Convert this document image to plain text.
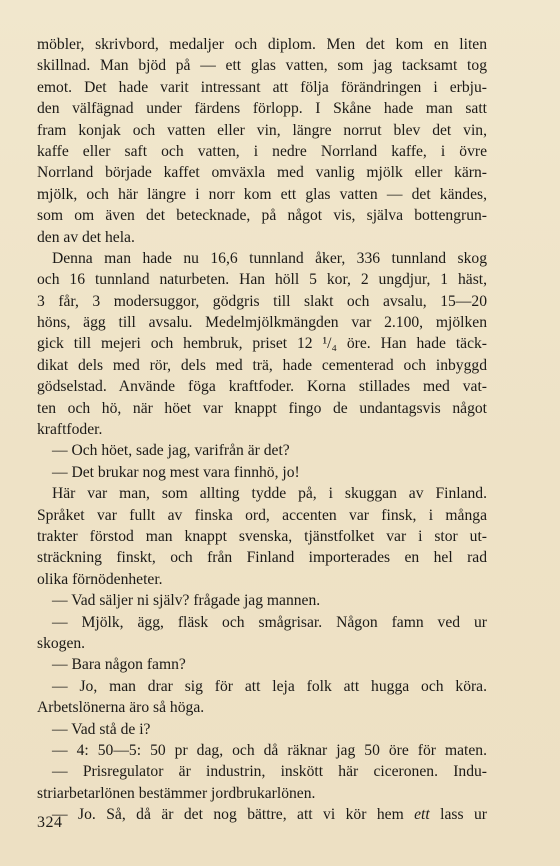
möbler, skrivbord, medaljer och diplom. Men det kom en liten
skillnad. Man bjöd på — ett glas vatten, som jag tacksamt tog
emot. Det hade varit intressant att följa förändringen i erbju-
den välfägnad under färdens förlopp. I Skåne hade man satt
fram konjak och vatten eller vin, längre norrut blev det vin,
kaffe eller saft och vatten, i nedre Norrland kaffe, i övre
Norrland började kaffet omväxla med vanlig mjölk eller kärn-
mjölk, och här längre i norr kom ett glas vatten — det kändes,
som om även det betecknade, på något vis, själva bottengrun-
den av det hela.
Denna man hade nu 16,6 tunnland åker, 336 tunnland skog
och 16 tunnland naturbeten. Han höll 5 kor, 2 ungdjur, 1 häst,
3 får, 3 modersuggor, gödgris till slakt och avsalu, 15—20
höns, ägg till avsalu. Medelmjölkmängden var 2.100, mjölken
gick till mejeri och hembruk, priset 12 ¹/₄ öre. Han hade täck-
dikat dels med rör, dels med trä, hade cementerad och inbyggd
gödselstad. Använde föga kraftfoder. Korna stillades med vat-
ten och hö, när höet var knappt fingo de undantagsvis något
kraftfoder.
— Och höet, sade jag, varifrån är det?
— Det brukar nog mest vara finnhö, jo!
Här var man, som allting tydde på, i skuggan av Finland.
Språket var fullt av finska ord, accenten var finsk, i många
trakter förstod man knappt svenska, tjänstfolket var i stor ut-
sträckning finskt, och från Finland importerades en hel rad
olika förnödenheter.
— Vad säljer ni själv? frågade jag mannen.
— Mjölk, ägg, fläsk och smågrisar. Någon famn ved ur
skogen.
— Bara någon famn?
— Jo, man drar sig för att leja folk att hugga och köra.
Arbetslönerna äro så höga.
— Vad stå de i?
— 4: 50—5: 50 pr dag, och då räknar jag 50 öre för maten.
— Prisregulator är industrin, inskött här ciceronen. Indu-
striarbetarlönen bestämmer jordbrukarlönen.
— Jo. Så, då är det nog bättre, att vi kör hem ett lass ur
324
